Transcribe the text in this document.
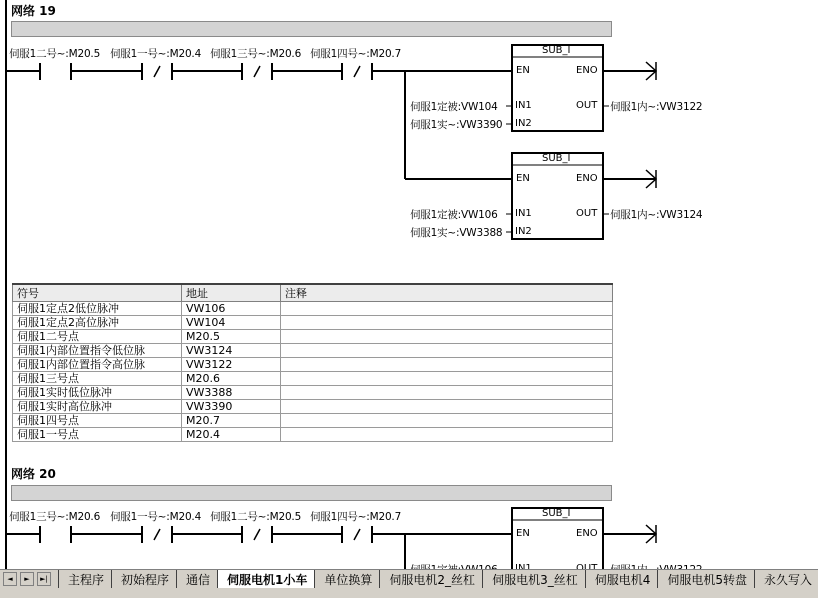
网络 19
伺服1二号~:M20.5 伺服1一号~:M20.4 伺服1三号~:M20.6 伺服1四号~:M20.7	SUB_I
EN	ENO
IN1
IN2
OUT
伺服1定被:VW104
伺服1实~:VW3390
伺服1内~:VW3122
SUB_I
EN	ENO
IN1
IN2
OUT
伺服1定被:VW106
伺服1实~:VW3388
伺服1内~:VW3124
符号	地址	注释
伺服1定点2低位脉冲	VW106	
伺服1定点2高位脉冲	VW104	
伺服1二号点	M20.5	
伺服1内部位置指令低位脉	VW3124	
伺服1内部位置指令高位脉	VW3122	
伺服1三号点	M20.6	
伺服1实时低位脉冲	VW3388	
伺服1实时高位脉冲	VW3390	
伺服1四号点	M20.7	
伺服1一号点	M20.4	
网络 20
伺服1三号~:M20.6 伺服1一号~:M20.4 伺服1二号~:M20.5 伺服1四号~:M20.7	SUB_I
EN	ENO
◄	►	►|	主程序	初始程序	通信	伺服电机1小车	单位换算	伺服电机2_丝杠	伺服电机3_丝杠	伺服电机4	伺服电机5转盘	永久写入
